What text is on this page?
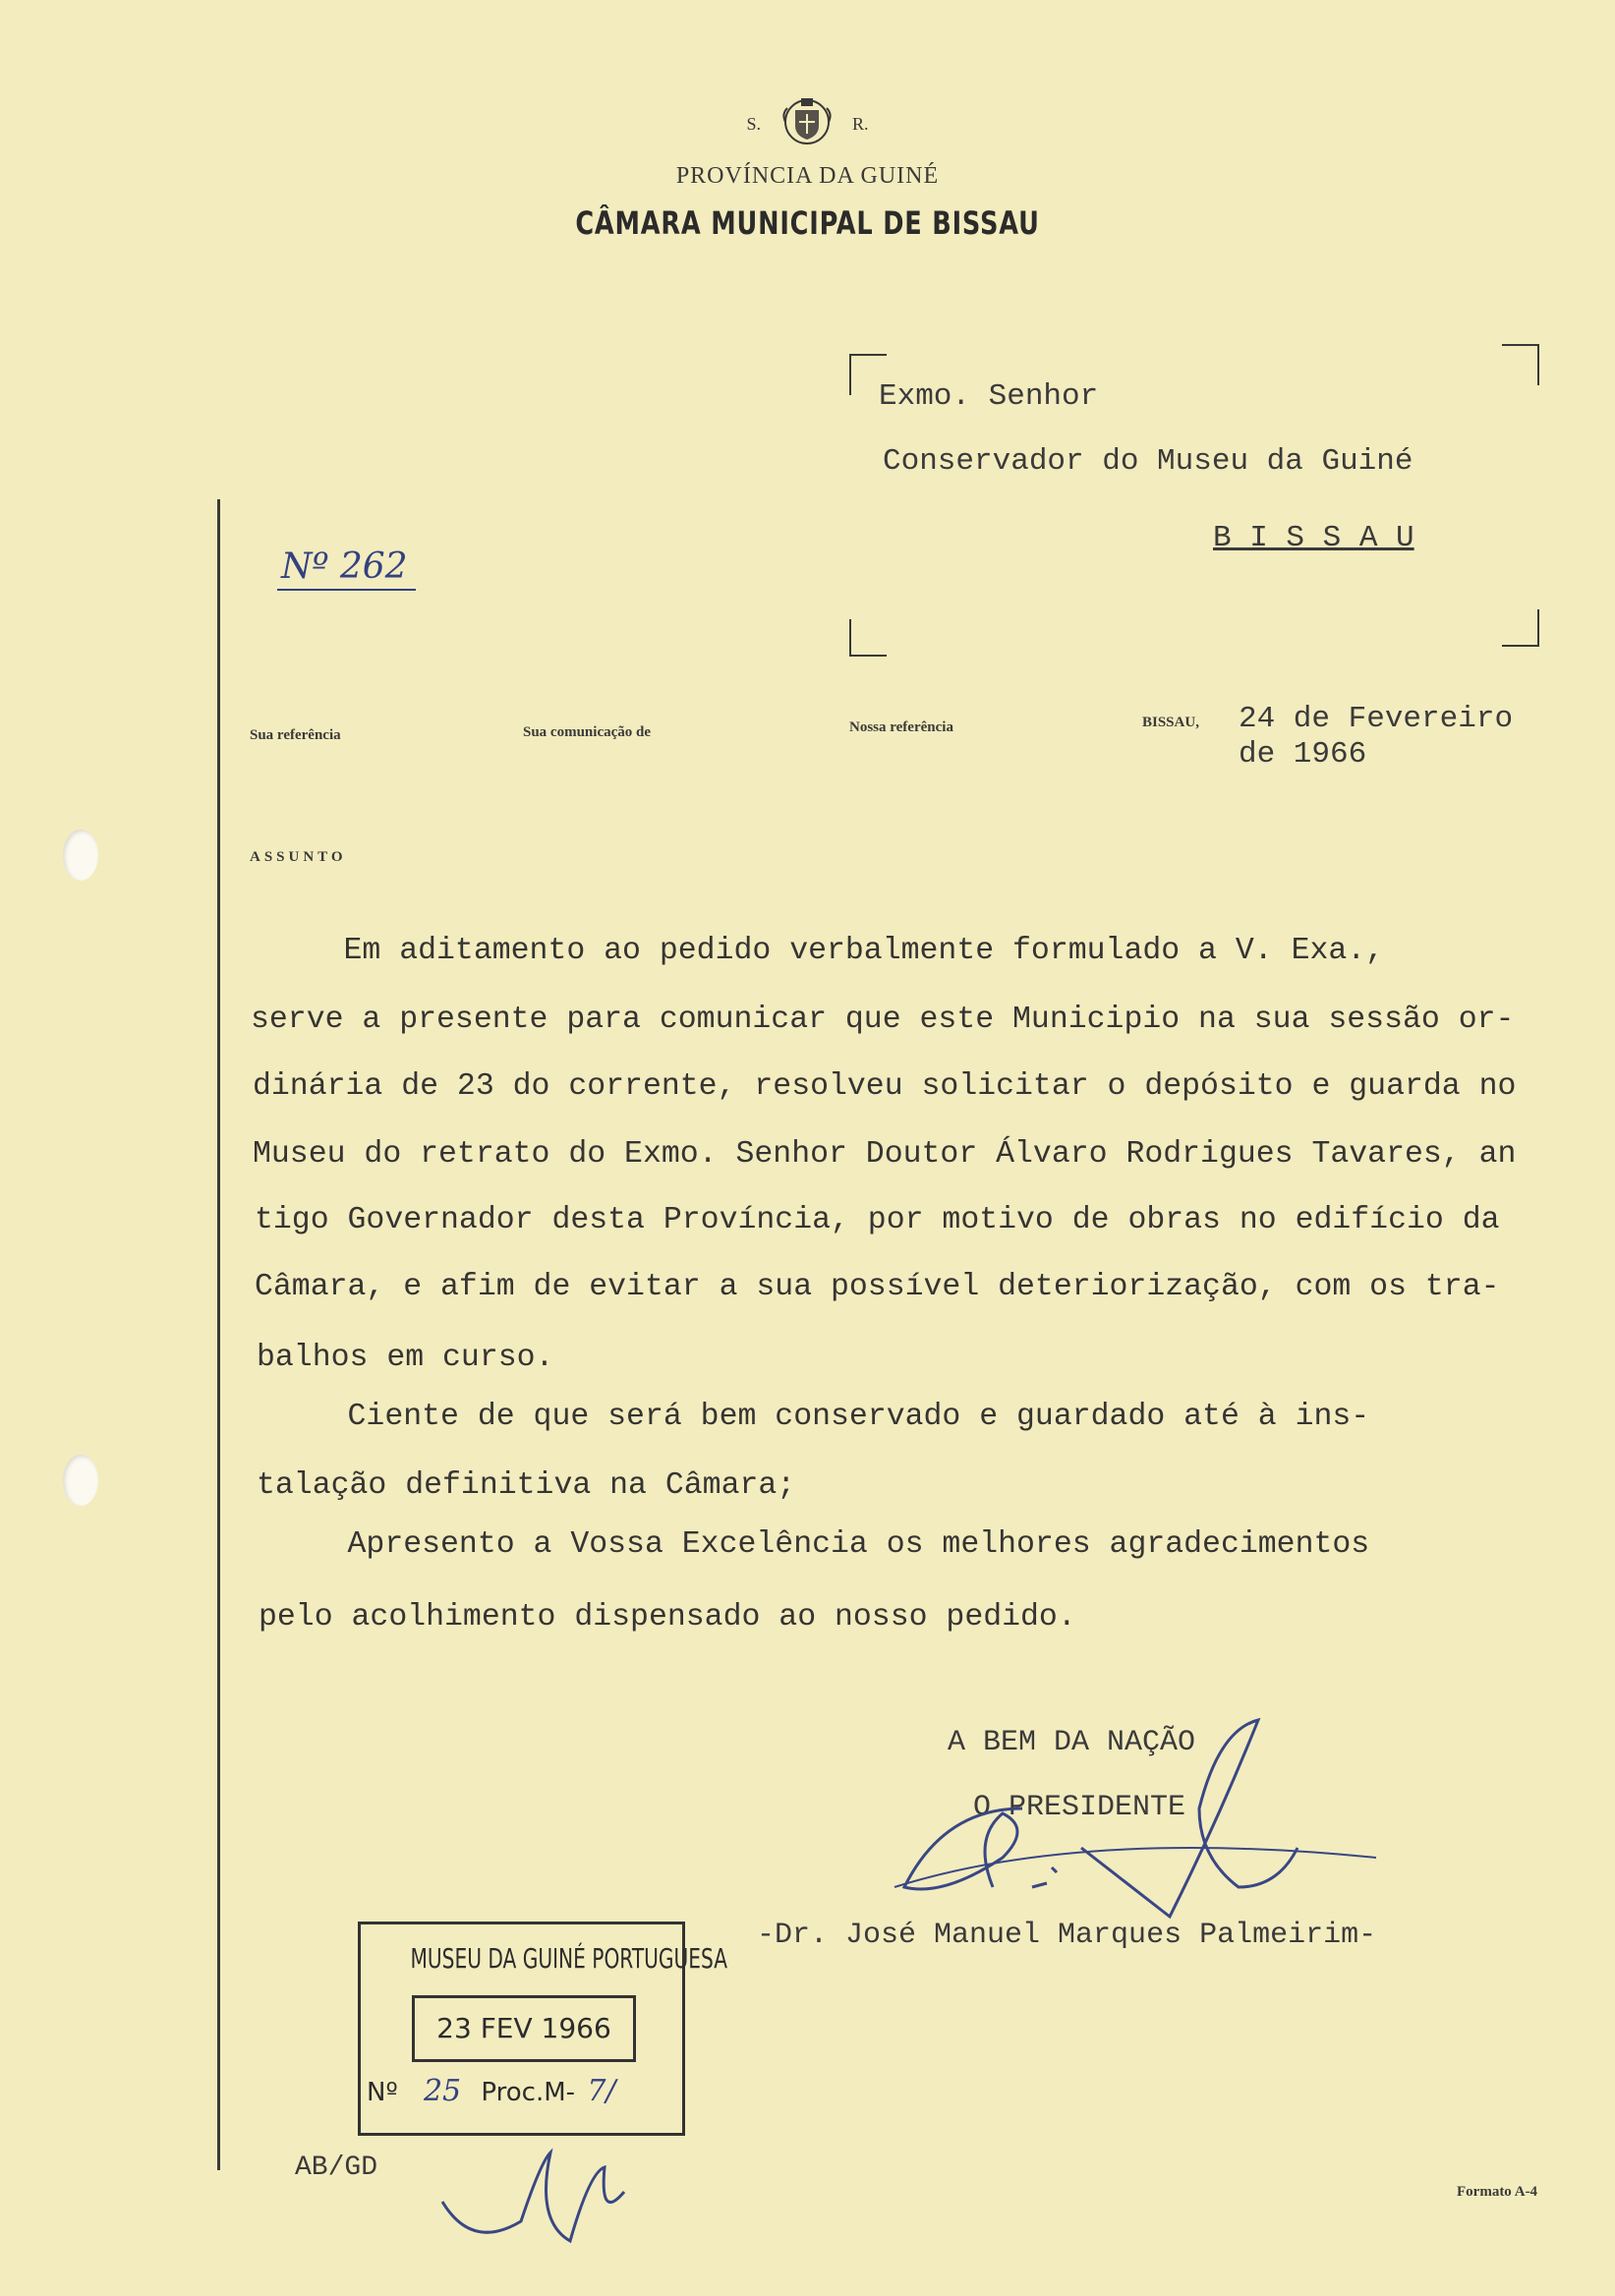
S.	R.
PROVÍNCIA DA GUINÉ
CÂMARA MUNICIPAL DE BISSAU
Exmo. Senhor
Conservador do Museu da Guiné
B I S S A U
Nº 262
Sua referência	Sua comunicação de	Nossa referência	BISSAU, 24 de Fevereiro
de 1966
ASSUNTO
Em aditamento ao pedido verbalmente formulado a V. Exa.,
serve a presente para comunicar que este Municipio na sua sessão or-
dinária de 23 do corrente, resolveu solicitar o depósito e guarda no
Museu do retrato do Exmo. Senhor Doutor Álvaro Rodrigues Tavares, an
tigo Governador desta Província, por motivo de obras no edifício da
Câmara, e afim de evitar a sua possível deteriorização, com os tra-
balhos em curso.
Ciente de que será bem conservado e guardado até à ins-
talação definitiva na Câmara;
Apresento a Vossa Excelência os melhores agradecimentos
pelo acolhimento dispensado ao nosso pedido.
A BEM DA NAÇÃO
O PRESIDENTE
-Dr. José Manuel Marques Palmeirim-
MUSEU DA GUINÉ PORTUGUESA
23 FEV 1966
Nº 25 Proc.M- 7/
AB/GD
Formato A-4
